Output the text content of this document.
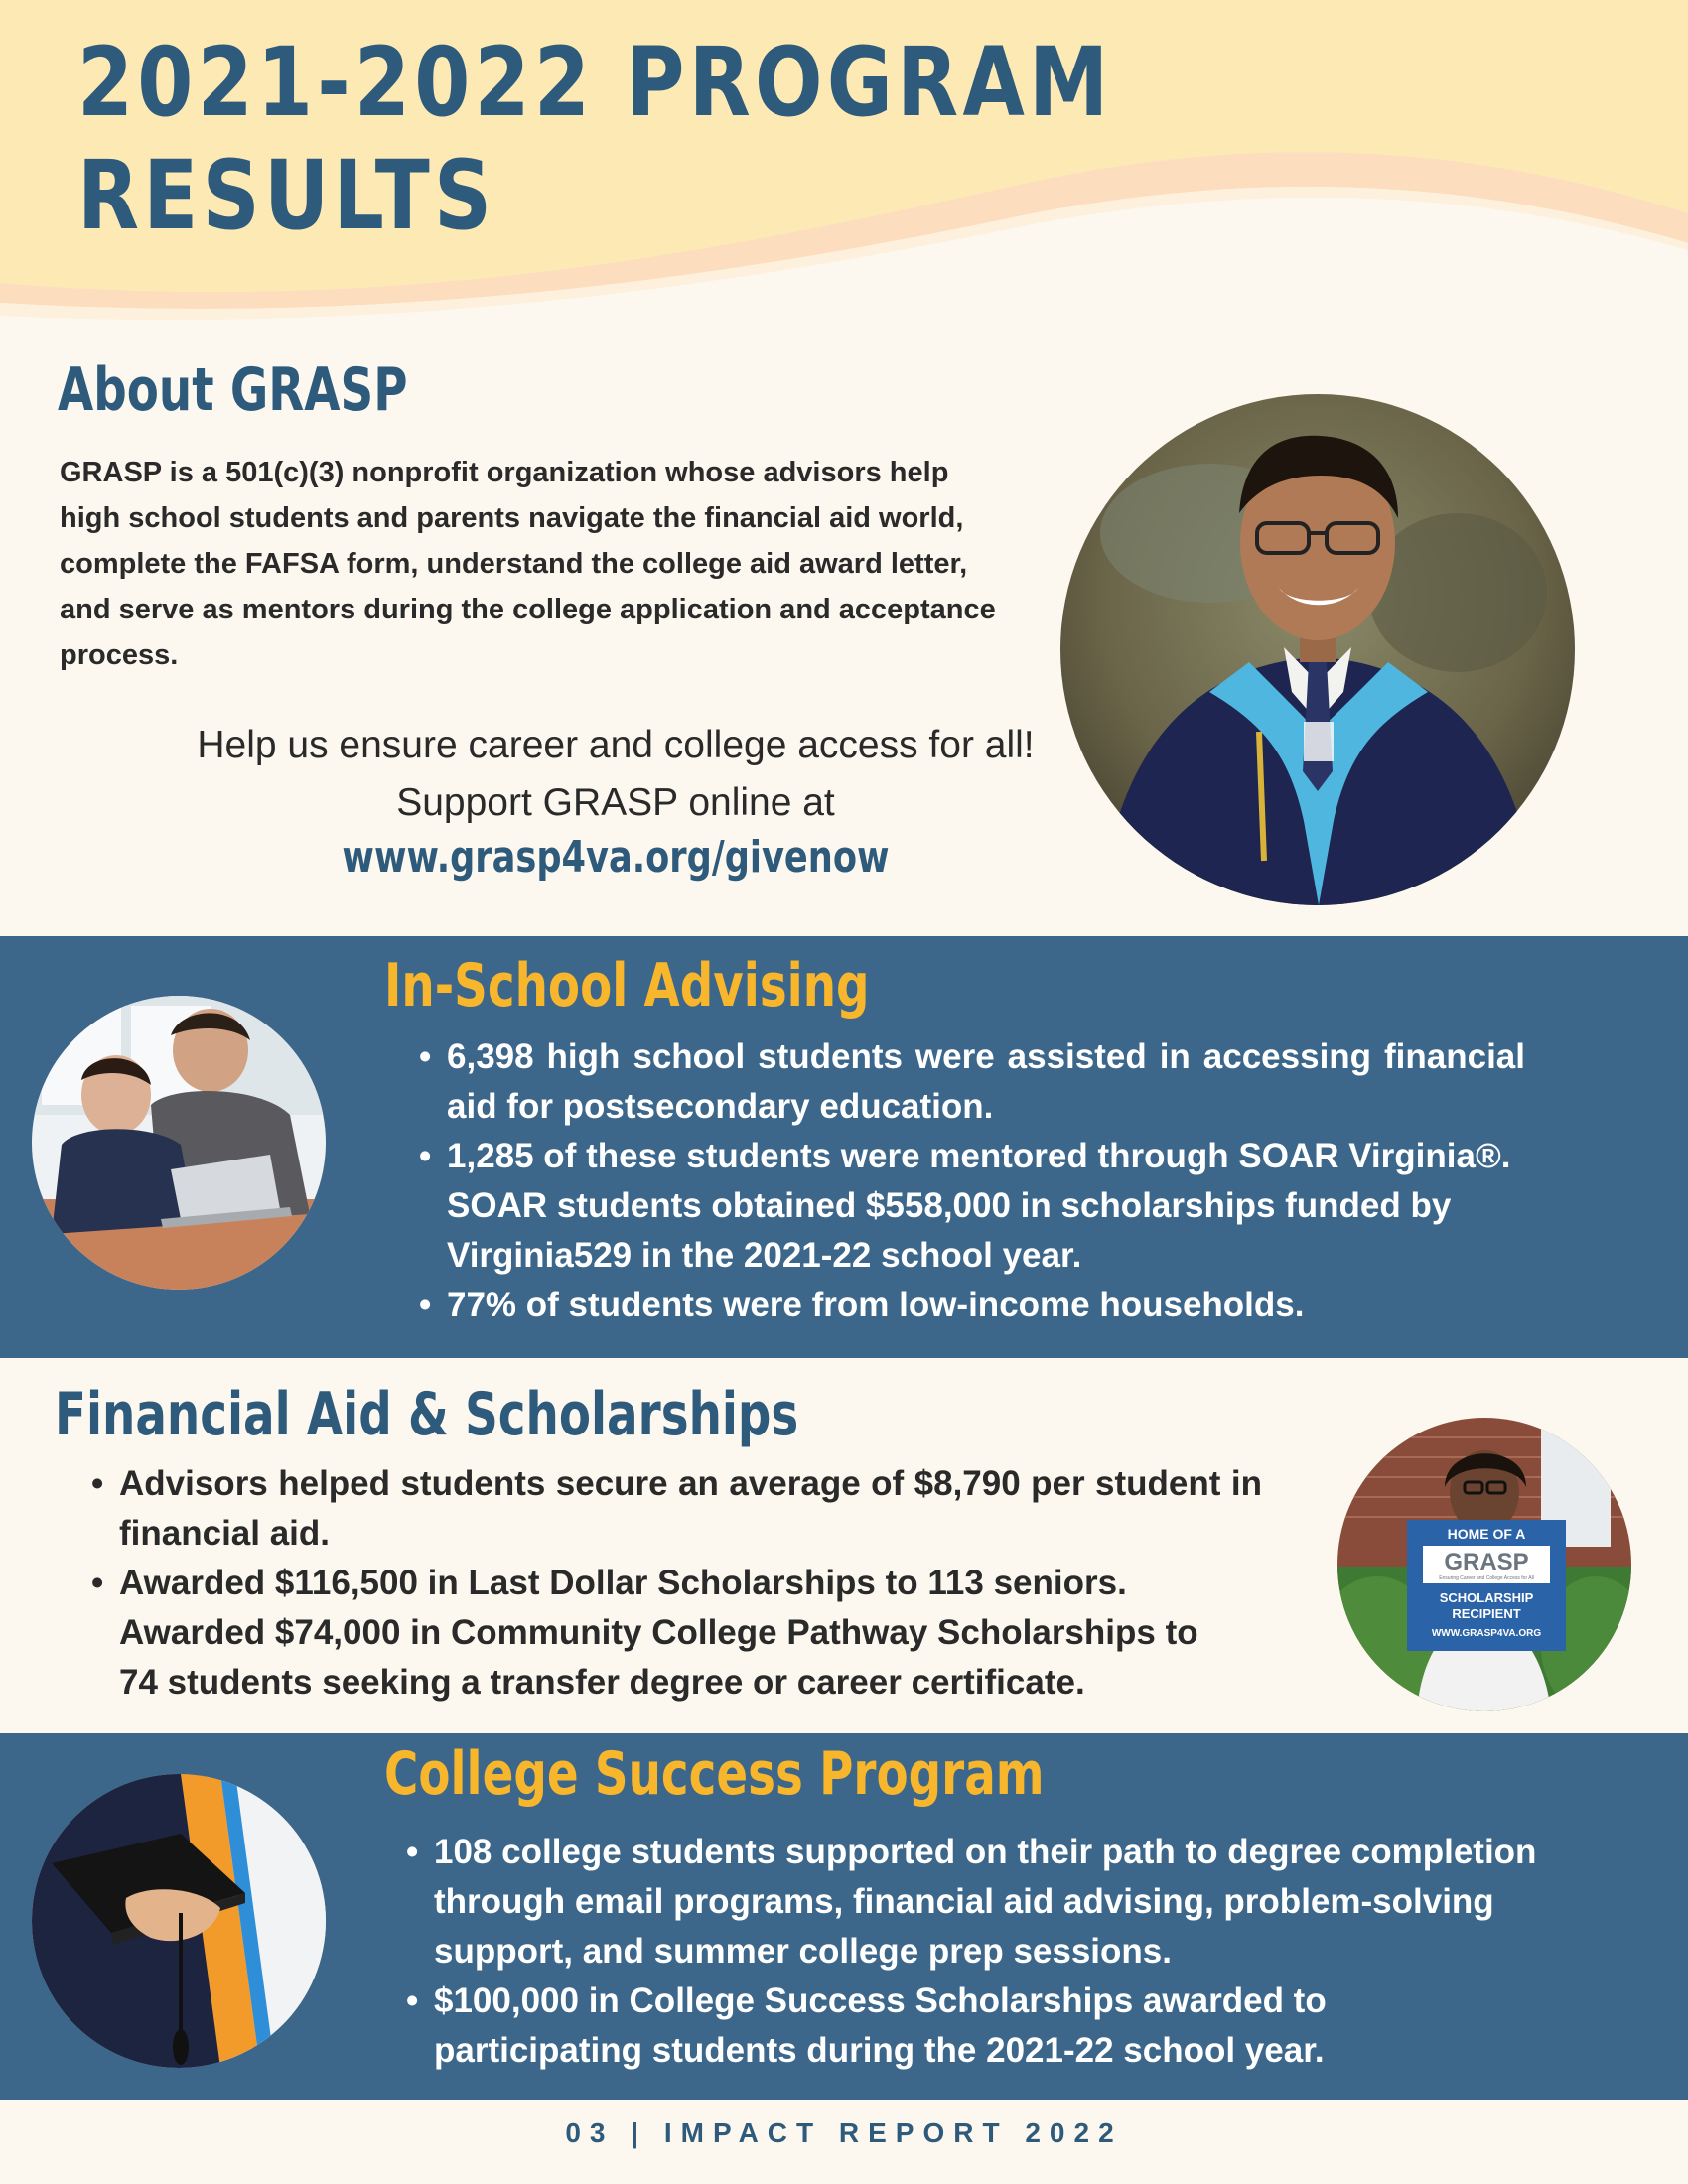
2021-2022 PROGRAM
RESULTS
About GRASP

GRASP is a 501(c)(3) nonprofit organization whose advisors help high school students and parents navigate the financial aid world, complete the FAFSA form, understand the college aid award letter, and serve as mentors during the college application and acceptance process.

Help us ensure career and college access for all! Support GRASP online at

www.grasp4va.org/givenow
In-School Advising
• 6,398 high school students were assisted in accessing financial aid for postsecondary education.
• 1,285 of these students were mentored through SOAR Virginia®. SOAR students obtained $558,000 in scholarships funded by Virginia529 in the 2021-22 school year.
• 77% of students were from low-income households.
Financial Aid & Scholarships
• Advisors helped students secure an average of $8,790 per student in financial aid.
• Awarded $116,500 in Last Dollar Scholarships to 113 seniors. Awarded $74,000 in Community College Pathway Scholarships to 74 students seeking a transfer degree or career certificate.
HOME OF A
GRASP
Ensuring Career and College Access for All
SCHOLARSHIP
RECIPIENT
WWW.GRASP4VA.ORG
College Success Program
• 108 college students supported on their path to degree completion through email programs, financial aid advising, problem-solving support, and summer college prep sessions.
• $100,000 in College Success Scholarships awarded to participating students during the 2021-22 school year.
03 | IMPACT REPORT 2022
